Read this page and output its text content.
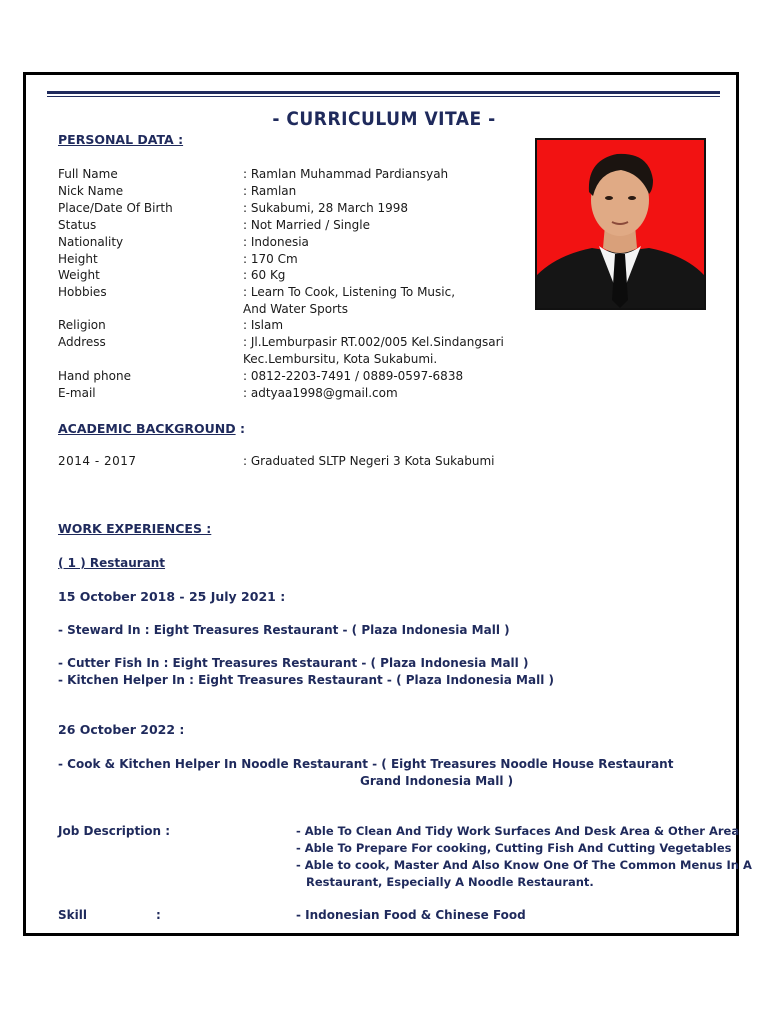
- CURRICULUM VITAE -
PERSONAL DATA :
Full Name	: Ramlan Muhammad Pardiansyah
Nick Name	: Ramlan
Place/Date Of Birth	: Sukabumi, 28 March 1998
Status	: Not Married / Single
Nationality	: Indonesia
Height	: 170 Cm
Weight	: 60 Kg
Hobbies	: Learn To Cook, Listening To Music,
And Water Sports
Religion	: Islam
Address	: Jl.Lemburpasir RT.002/005 Kel.Sindangsari
Kec.Lembursitu, Kota Sukabumi.
Hand phone	: 0812-2203-7491 / 0889-0597-6838
E-mail	: adtyaa1998@gmail.com
ACADEMIC BACKGROUND :
2014 - 2017	: Graduated SLTP Negeri 3 Kota Sukabumi
WORK EXPERIENCES :
( 1 ) Restaurant
15 October 2018 - 25 July 2021 :
- Steward In : Eight Treasures Restaurant - ( Plaza Indonesia Mall )
- Cutter Fish In : Eight Treasures Restaurant - ( Plaza Indonesia Mall )
- Kitchen Helper In : Eight Treasures Restaurant - ( Plaza Indonesia Mall )
26 October 2022 :
- Cook & Kitchen Helper In Noodle Restaurant - ( Eight Treasures Noodle House Restaurant
Grand Indonesia Mall )
Job Description :	- Able To Clean And Tidy Work Surfaces And Desk Area & Other Area
- Able To Prepare For cooking, Cutting Fish And Cutting Vegetables
- Able to cook, Master And Also Know One Of The Common Menus In A
Restaurant, Especially A Noodle Restaurant.
Skill	:	- Indonesian Food & Chinese Food
